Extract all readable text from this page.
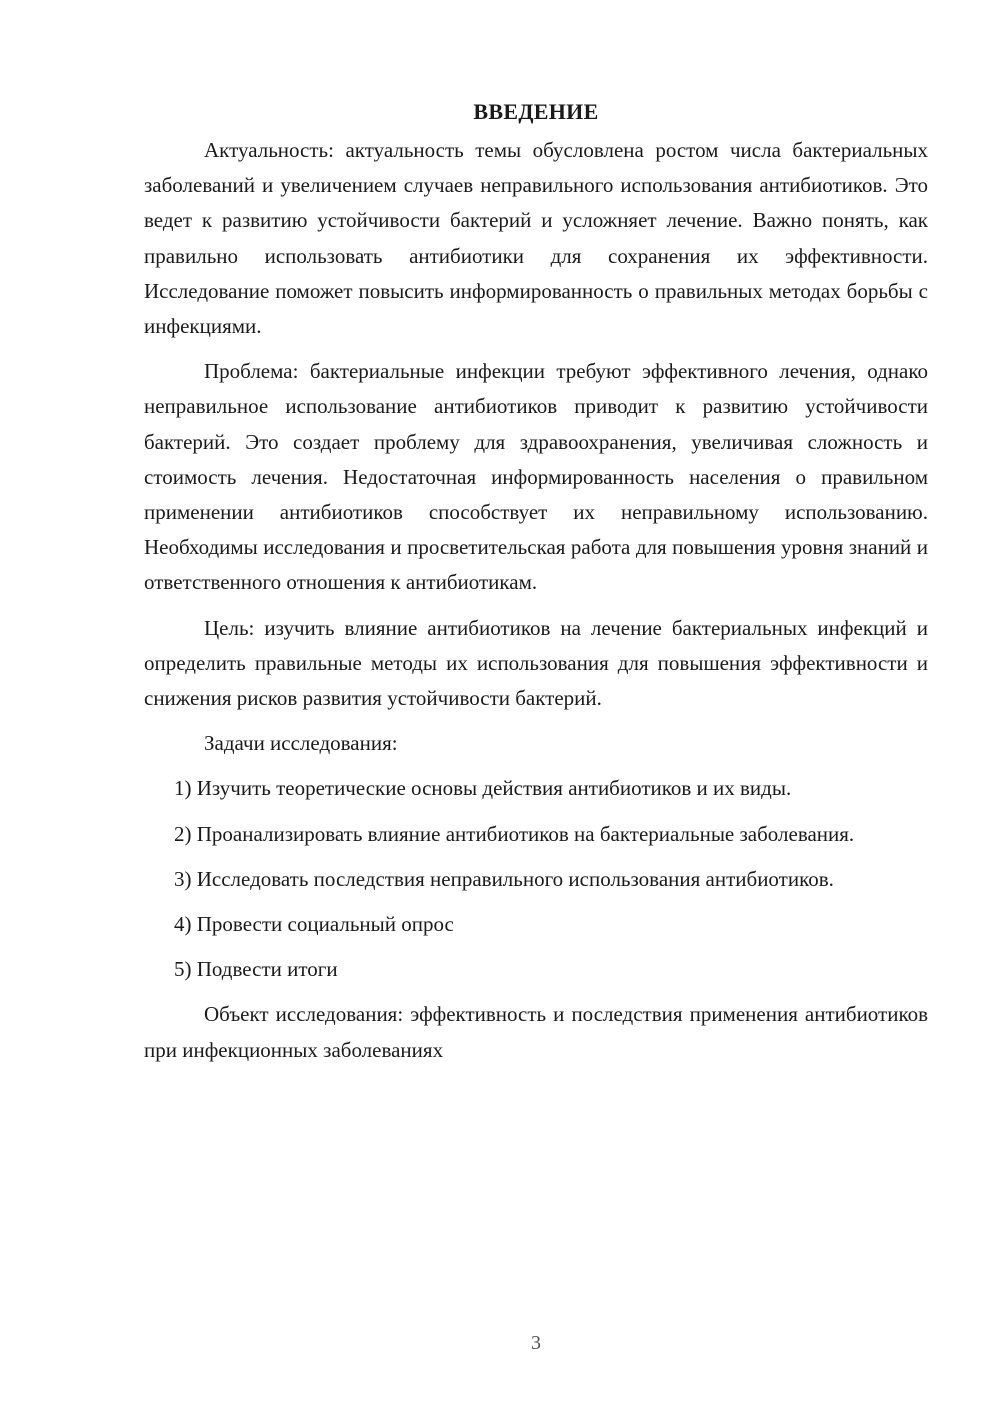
ВВЕДЕНИЕ

Актуальность: актуальность темы обусловлена ростом числа бактериальных заболеваний и увеличением случаев неправильного использования антибиотиков. Это ведет к развитию устойчивости бактерий и усложняет лечение. Важно понять, как правильно использовать антибиотики для сохранения их эффективности. Исследование поможет повысить информированность о правильных методах борьбы с инфекциями.

Проблема: бактериальные инфекции требуют эффективного лечения, однако неправильное использование антибиотиков приводит к развитию устойчивости бактерий. Это создает проблему для здравоохранения, увеличивая сложность и стоимость лечения. Недостаточная информированность населения о правильном применении антибиотиков способствует их неправильному использованию. Необходимы исследования и просветительская работа для повышения уровня знаний и ответственного отношения к антибиотикам.

Цель: изучить влияние антибиотиков на лечение бактериальных инфекций и определить правильные методы их использования для повышения эффективности и снижения рисков развития устойчивости бактерий.

Задачи исследования:

1) Изучить теоретические основы действия антибиотиков и их виды.

2) Проанализировать влияние антибиотиков на бактериальные заболевания.

3) Исследовать последствия неправильного использования антибиотиков.

4) Провести социальный опрос

5) Подвести итоги

Объект исследования: эффективность и последствия применения антибиотиков при инфекционных заболеваниях

3
